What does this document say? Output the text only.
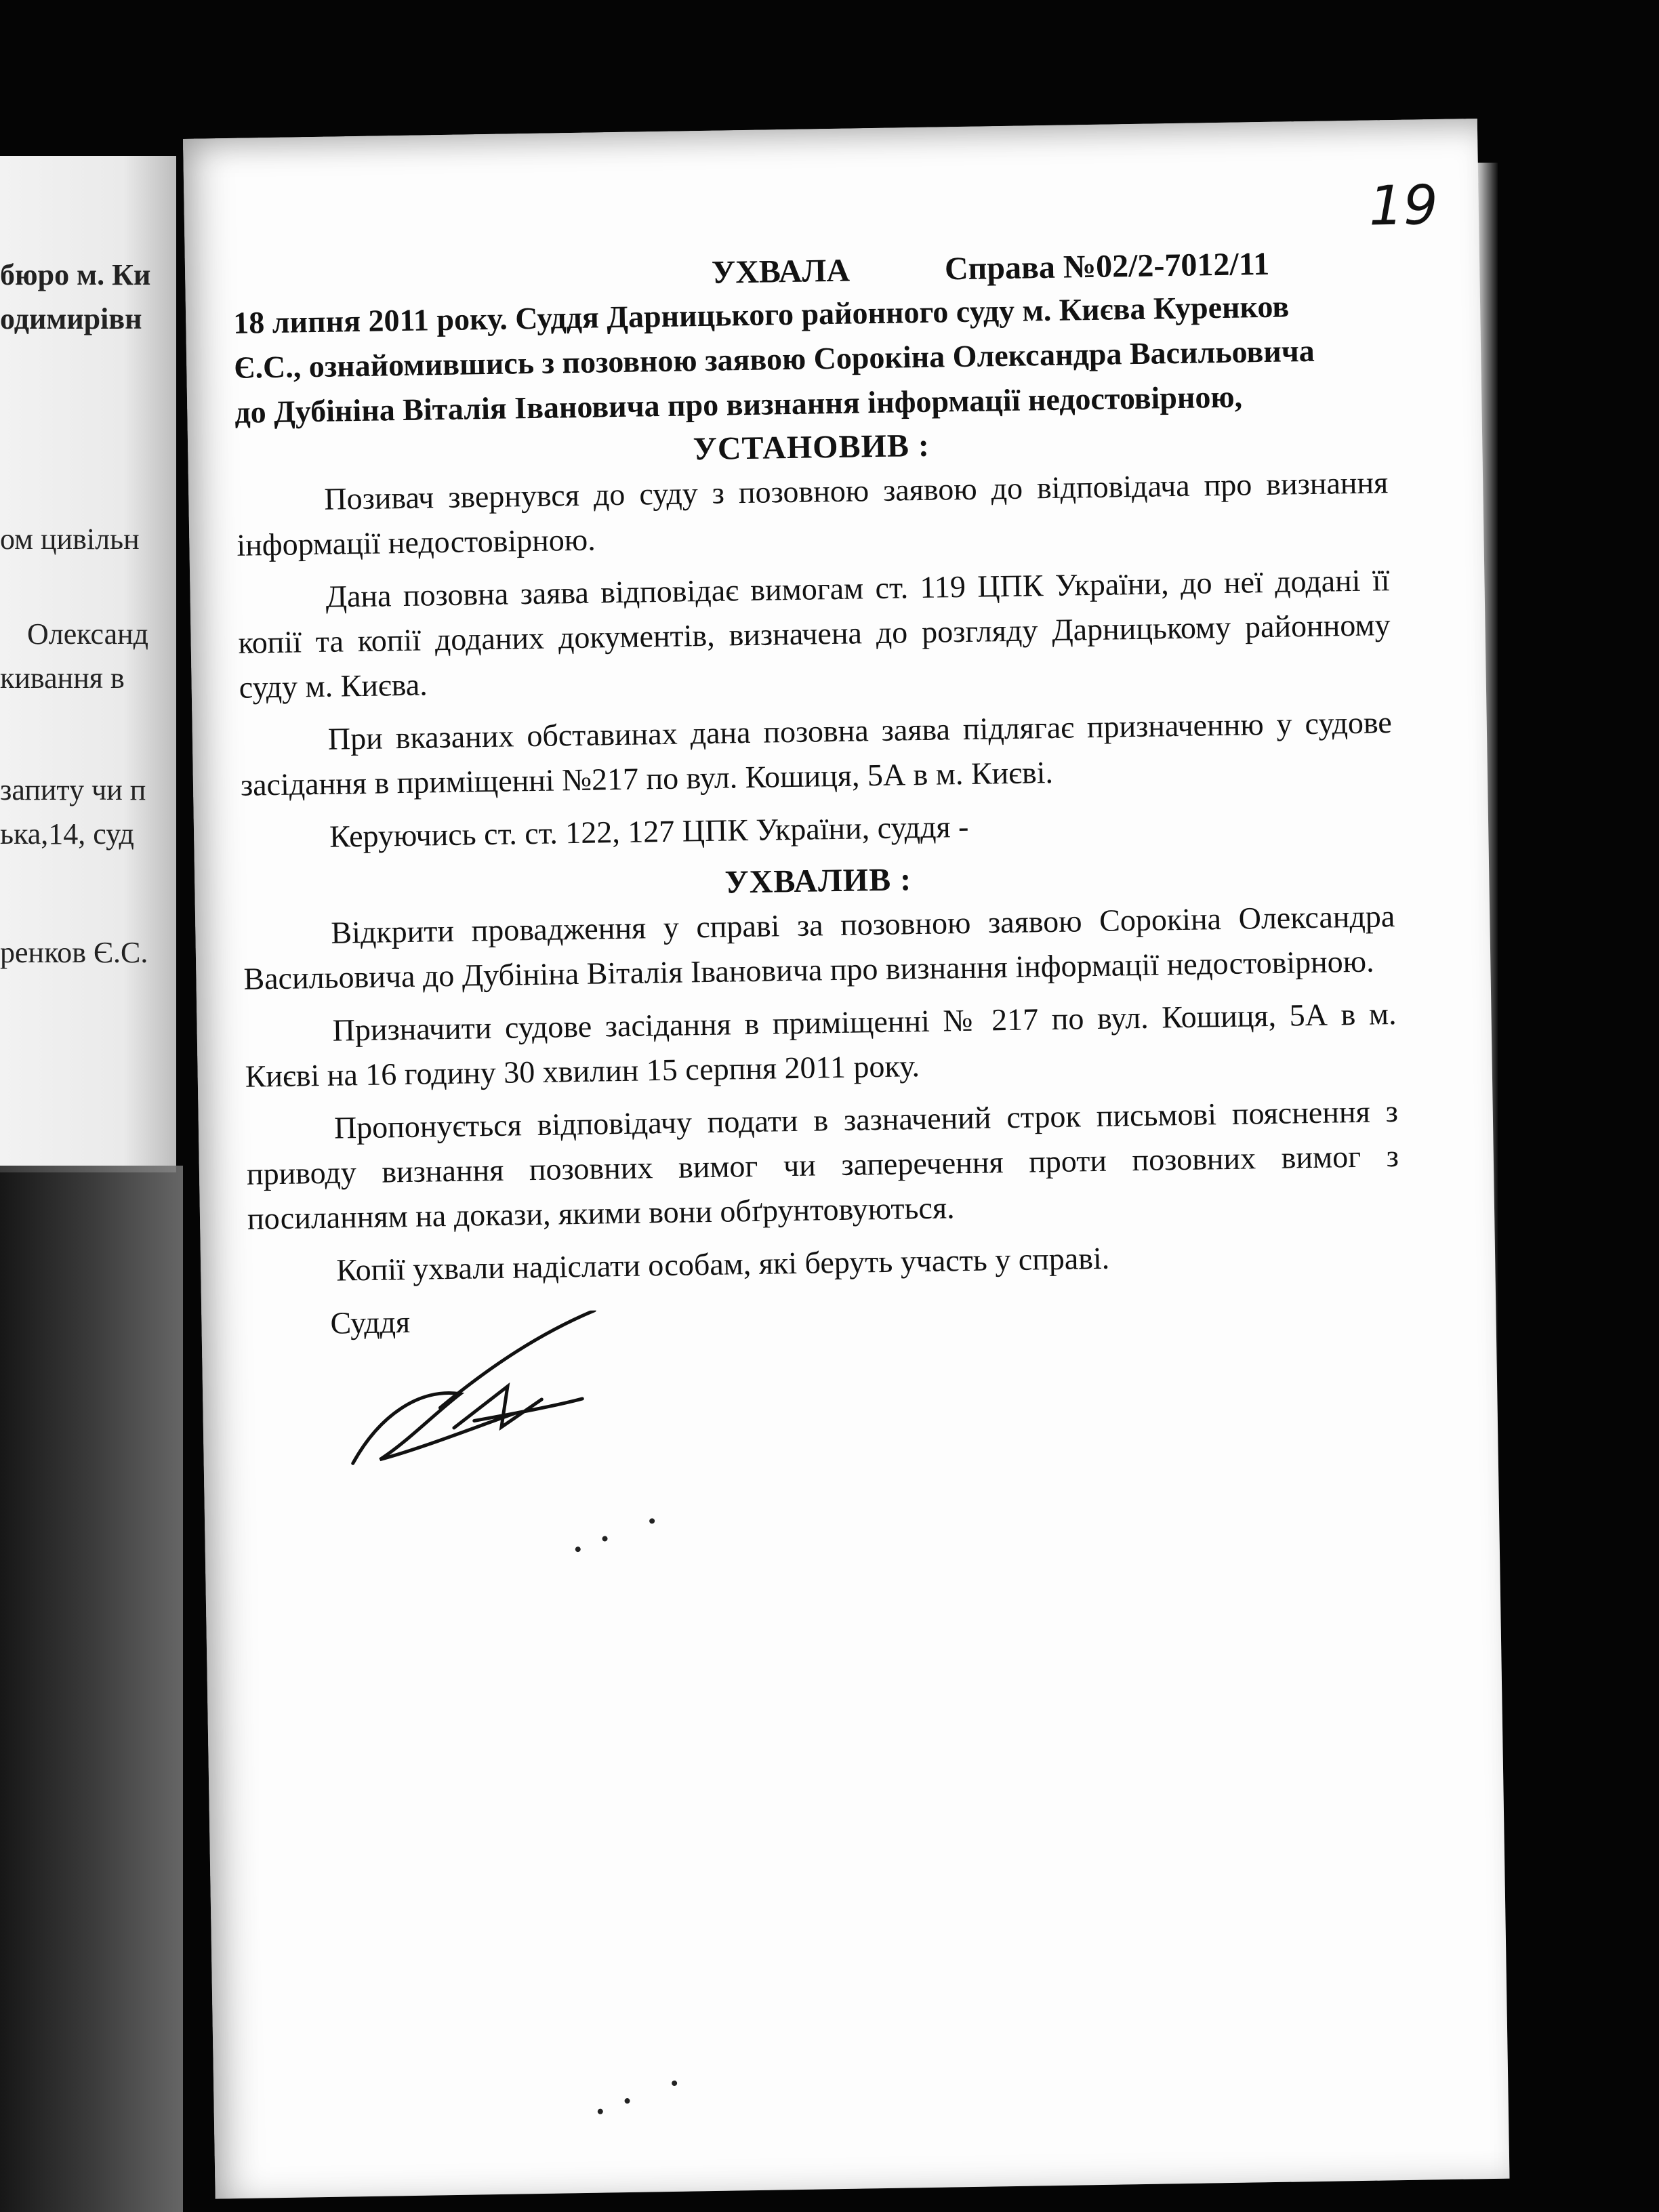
бюро м. Ки
одимирівн
ом цивільн
Олександ
кивання в
запиту чи п
ька,14, суд
ренков Є.С.
19
УХВАЛА	Справа №02/2-7012/11
18 липня 2011 року. Суддя Дарницького районного суду м. Києва Куренков
Є.С., ознайомившись з позовною заявою Сорокіна Олександра Васильовича
до Дубініна Віталія Івановича про визнання інформації недостовірною,
УСТАНОВИВ :

Позивач звернувся до суду з позовною заявою до відповідача про визнання інформації недостовірною.

Дана позовна заява відповідає вимогам ст. 119 ЦПК України, до неї додані її копії та копії доданих документів, визначена до розгляду Дарницькому районному суду м. Києва.

При вказаних обставинах дана позовна заява підлягає призначенню у судове засідання в приміщенні №217 по вул. Кошиця, 5А в м. Києві.

Керуючись ст. ст. 122, 127 ЦПК України, суддя -

УХВАЛИВ :

Відкрити провадження у справі за позовною заявою Сорокіна Олександра Васильовича до Дубініна Віталія Івановича про визнання інформації недостовірною.

Призначити судове засідання в приміщенні № 217 по вул. Кошиця, 5А в м. Києві на 16 годину 30 хвилин 15 серпня 2011 року.

Пропонується відповідачу подати в зазначений строк письмові пояснення з приводу визнання позовних вимог чи заперечення проти позовних вимог з посиланням на докази, якими вони обґрунтовуються.

Копії ухвали надіслати особам, які беруть участь у справі.

Суддя
